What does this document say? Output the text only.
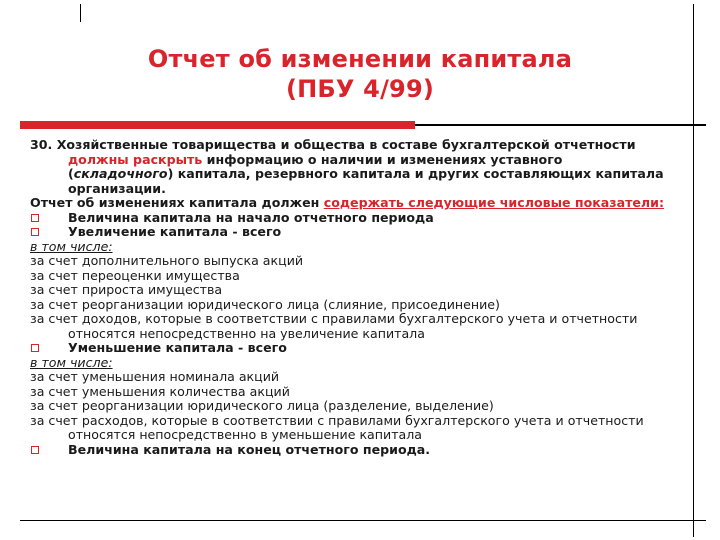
Отчет об изменении капитала
(ПБУ 4/99)

30. Хозяйственные товарищества и общества в составе бухгалтерской отчетности должны раскрыть информацию о наличии и изменениях уставного (складочного) капитала, резервного капитала и других составляющих капитала организации.

Отчет об изменениях капитала должен содержать следующие числовые показатели:

Величина капитала на начало отчетного периода

Увеличение капитала - всего

в том числе:

за счет дополнительного выпуска акций

за счет переоценки имущества

за счет прироста имущества

за счет реорганизации юридического лица (слияние, присоединение)

за счет доходов, которые в соответствии с правилами бухгалтерского учета и отчетности относятся непосредственно на увеличение капитала

Уменьшение капитала - всего

в том числе:

за счет уменьшения номинала акций

за счет уменьшения количества акций

за счет реорганизации юридического лица (разделение, выделение)

за счет расходов, которые в соответствии с правилами бухгалтерского учета и отчетности относятся непосредственно в уменьшение капитала

Величина капитала на конец отчетного периода.
